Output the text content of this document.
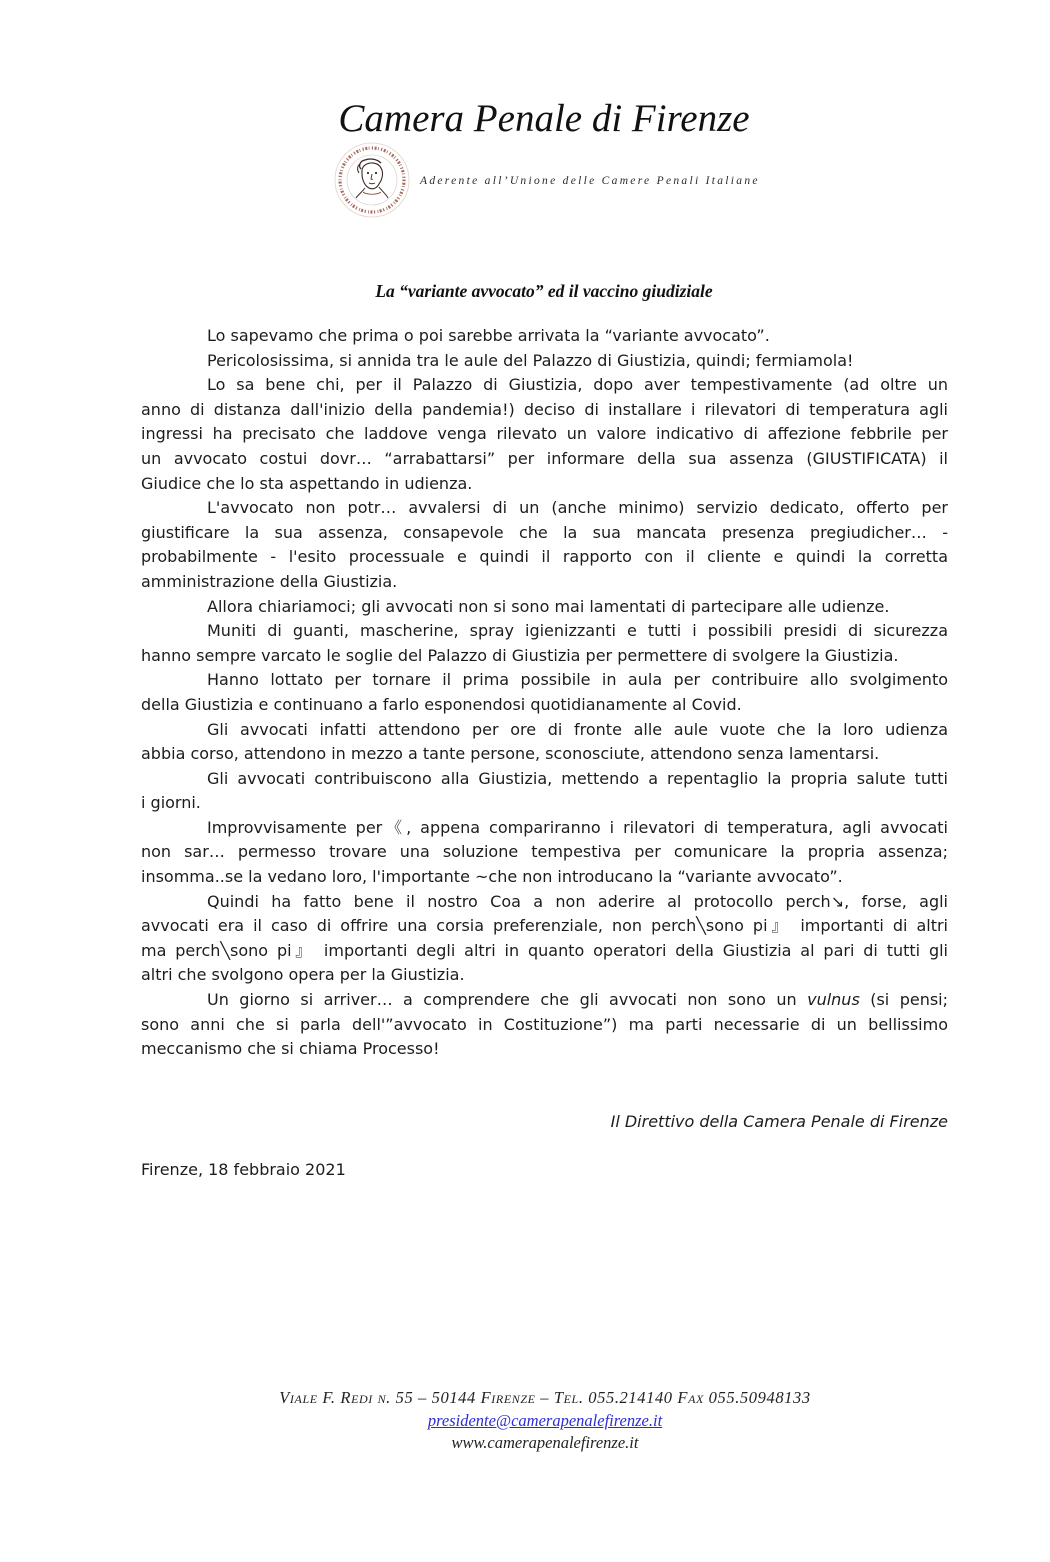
Camera Penale di Firenze
Aderente all’Unione delle Camere Penali Italiane
La “variante avvocato” ed il vaccino giudiziale
Lo sapevamo che prima o poi sarebbe arrivata la “variante avvocato”.
Pericolosissima, si annida tra le aule del Palazzo di Giustizia, quindi; fermiamola!
Lo sa bene chi, per il Palazzo di Giustizia, dopo aver tempestivamente (ad oltre un
anno di distanza dall'inizio della pandemia!) deciso di installare i rilevatori di temperatura agli
ingressi ha precisato che laddove venga rilevato un valore indicativo di affezione febbrile per
un avvocato costui dovr… “arrabattarsi” per informare della sua assenza (GIUSTIFICATA) il
Giudice che lo sta aspettando in udienza.
L'avvocato non potr… avvalersi di un (anche minimo) servizio dedicato, offerto per
giustificare la sua assenza, consapevole che la sua mancata presenza pregiudicher… -
probabilmente - l'esito processuale e quindi il rapporto con il cliente e quindi la corretta
amministrazione della Giustizia.
Allora chiariamoci; gli avvocati non si sono mai lamentati di partecipare alle udienze.
Muniti di guanti, mascherine, spray igienizzanti e tutti i possibili presidi di sicurezza
hanno sempre varcato le soglie del Palazzo di Giustizia per permettere di svolgere la Giustizia.
Hanno lottato per tornare il prima possibile in aula per contribuire allo svolgimento
della Giustizia e continuano a farlo esponendosi quotidianamente al Covid.
Gli avvocati infatti attendono per ore di fronte alle aule vuote che la loro udienza
abbia corso, attendono in mezzo a tante persone, sconosciute, attendono senza lamentarsi.
Gli avvocati contribuiscono alla Giustizia, mettendo a repentaglio la propria salute tutti
i giorni.
Improvvisamente per《, appena compariranno i rilevatori di temperatura, agli avvocati
non sar… permesso trovare una soluzione tempestiva per comunicare la propria assenza;
insomma..se la vedano loro, l'importante ~che non introducano la “variante avvocato”.
Quindi ha fatto bene il nostro Coa a non aderire al protocollo perch↘, forse, agli
avvocati era il caso di offrire una corsia preferenziale, non perch╲sono pi』 importanti di altri
ma perch╲sono pi』 importanti degli altri in quanto operatori della Giustizia al pari di tutti gli
altri che svolgono opera per la Giustizia.
Un giorno si arriver… a comprendere che gli avvocati non sono un vulnus (si pensi;
sono anni che si parla dell'”avvocato in Costituzione”) ma parti necessarie di un bellissimo
meccanismo che si chiama Processo!
Il Direttivo della Camera Penale di Firenze
Firenze, 18 febbraio 2021
Viale F. Redi n. 55 – 50144 Firenze – Tel. 055.214140 Fax 055.50948133
presidente@camerapenalefirenze.it
www.camerapenalefirenze.it
